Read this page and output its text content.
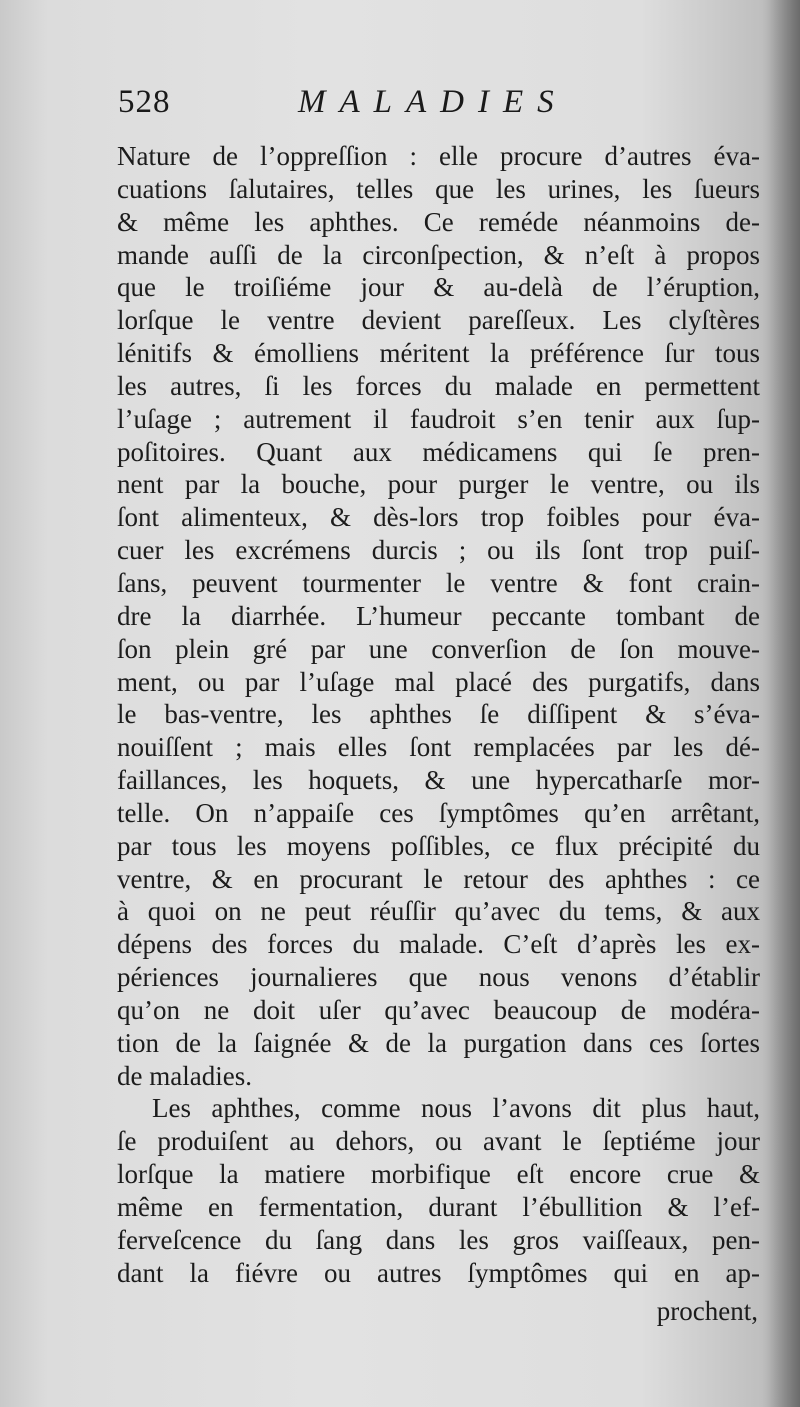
528	MALADIES
Nature de l’oppreſſion : elle procure d’autres éva-
cuations ſalutaires, telles que les urines, les ſueurs
& même les aphthes. Ce reméde néanmoins de-
mande auſſi de la circonſpection, & n’eſt à propos
que le troiſiéme jour & au-delà de l’éruption,
lorſque le ventre devient pareſſeux. Les clyſtères
lénitifs & émolliens méritent la préférence ſur tous
les autres, ſi les forces du malade en permettent
l’uſage ; autrement il faudroit s’en tenir aux ſup-
poſitoires. Quant aux médicamens qui ſe pren-
nent par la bouche, pour purger le ventre, ou ils
ſont alimenteux, & dès-lors trop foibles pour éva-
cuer les excrémens durcis ; ou ils ſont trop puiſ-
ſans, peuvent tourmenter le ventre & font crain-
dre la diarrhée. L’humeur peccante tombant de
ſon plein gré par une converſion de ſon mouve-
ment, ou par l’uſage mal placé des purgatifs, dans
le bas-ventre, les aphthes ſe diſſipent & s’éva-
nouiſſent ; mais elles ſont remplacées par les dé-
faillances, les hoquets, & une hypercatharſe mor-
telle. On n’appaiſe ces ſymptômes qu’en arrêtant,
par tous les moyens poſſibles, ce flux précipité du
ventre, & en procurant le retour des aphthes : ce
à quoi on ne peut réuſſir qu’avec du tems, & aux
dépens des forces du malade. C’eſt d’après les ex-
périences journalieres que nous venons d’établir
qu’on ne doit uſer qu’avec beaucoup de modéra-
tion de la ſaignée & de la purgation dans ces ſortes
de maladies.
Les aphthes, comme nous l’avons dit plus haut,
ſe produiſent au dehors, ou avant le ſeptiéme jour
lorſque la matiere morbifique eſt encore crue &
même en fermentation, durant l’ébullition & l’ef-
ferveſcence du ſang dans les gros vaiſſeaux, pen-
dant la fiévre ou autres ſymptômes qui en ap-
prochent,
